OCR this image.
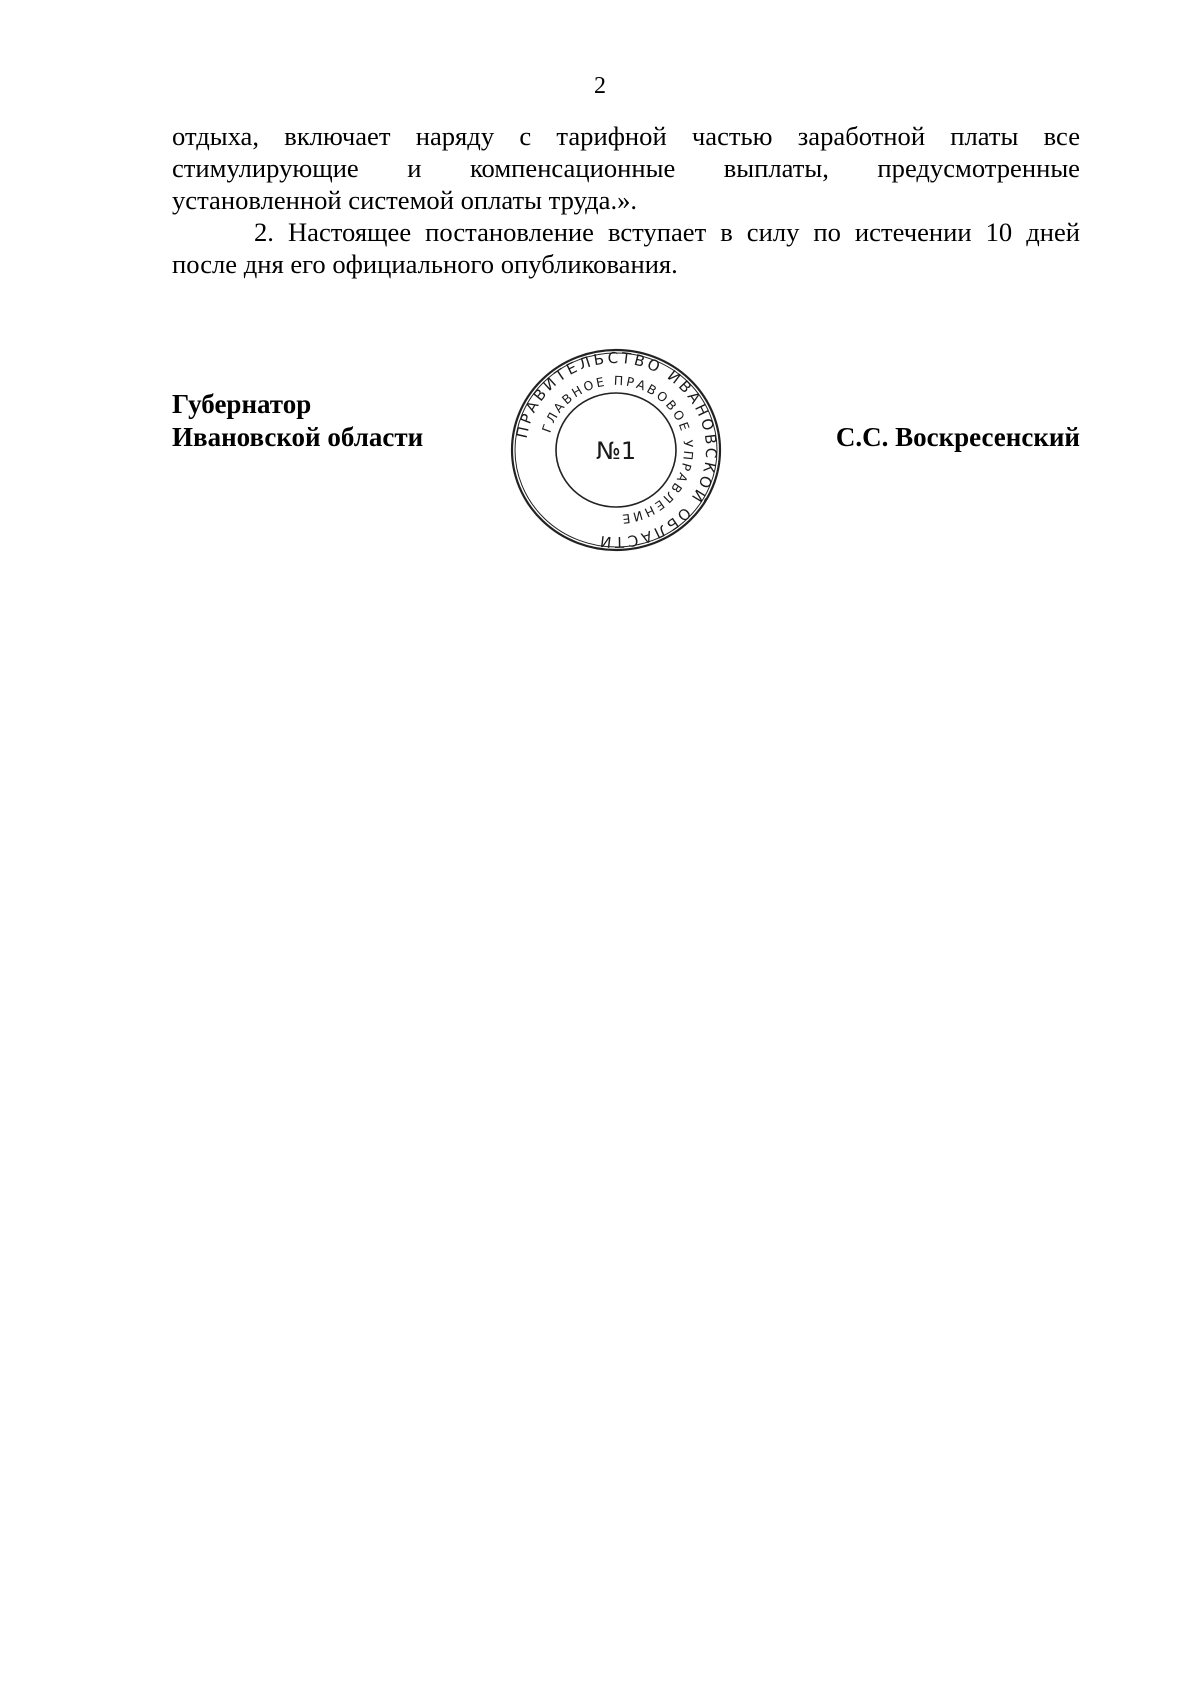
2

отдыха, включает наряду с тарифной частью заработной платы все стимулирующие и компенсационные выплаты, предусмотренные установленной системой оплаты труда.».

2. Настоящее постановление вступает в силу по истечении 10 дней после дня его официального опубликования.

Губернатор
Ивановской области	ПРАВИТЕЛЬСТВО ИВАНОВСКОЙ ОБЛАСТИ
ГЛАВНОЕ ПРАВОВОЕ УПРАВЛЕНИЕ
№1	С.С. Воскресенский
